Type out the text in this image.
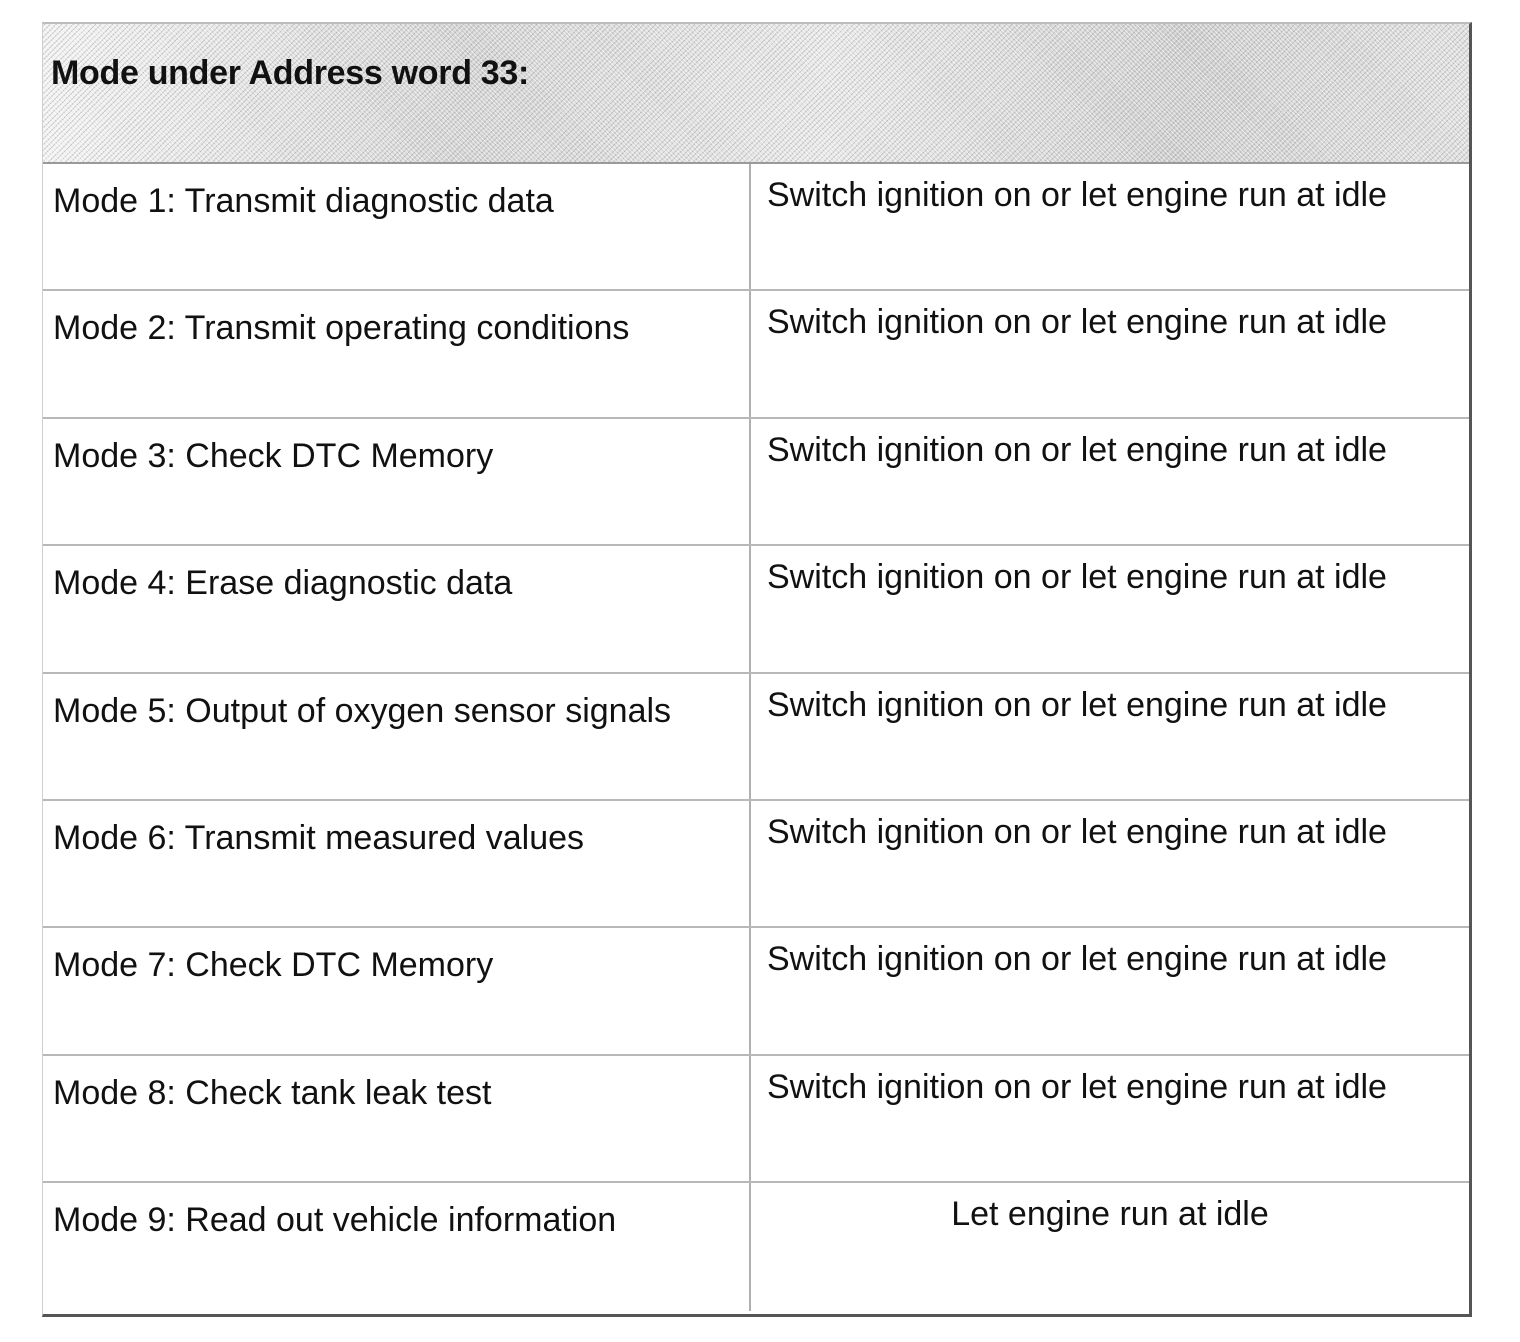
Mode under Address word 33:
Mode 1: Transmit diagnostic data	Switch ignition on or let engine run at idle
Mode 2: Transmit operating conditions	Switch ignition on or let engine run at idle
Mode 3: Check DTC Memory	Switch ignition on or let engine run at idle
Mode 4: Erase diagnostic data	Switch ignition on or let engine run at idle
Mode 5: Output of oxygen sensor signals	Switch ignition on or let engine run at idle
Mode 6: Transmit measured values	Switch ignition on or let engine run at idle
Mode 7: Check DTC Memory	Switch ignition on or let engine run at idle
Mode 8: Check tank leak test	Switch ignition on or let engine run at idle
Mode 9: Read out vehicle information	Let engine run at idle
